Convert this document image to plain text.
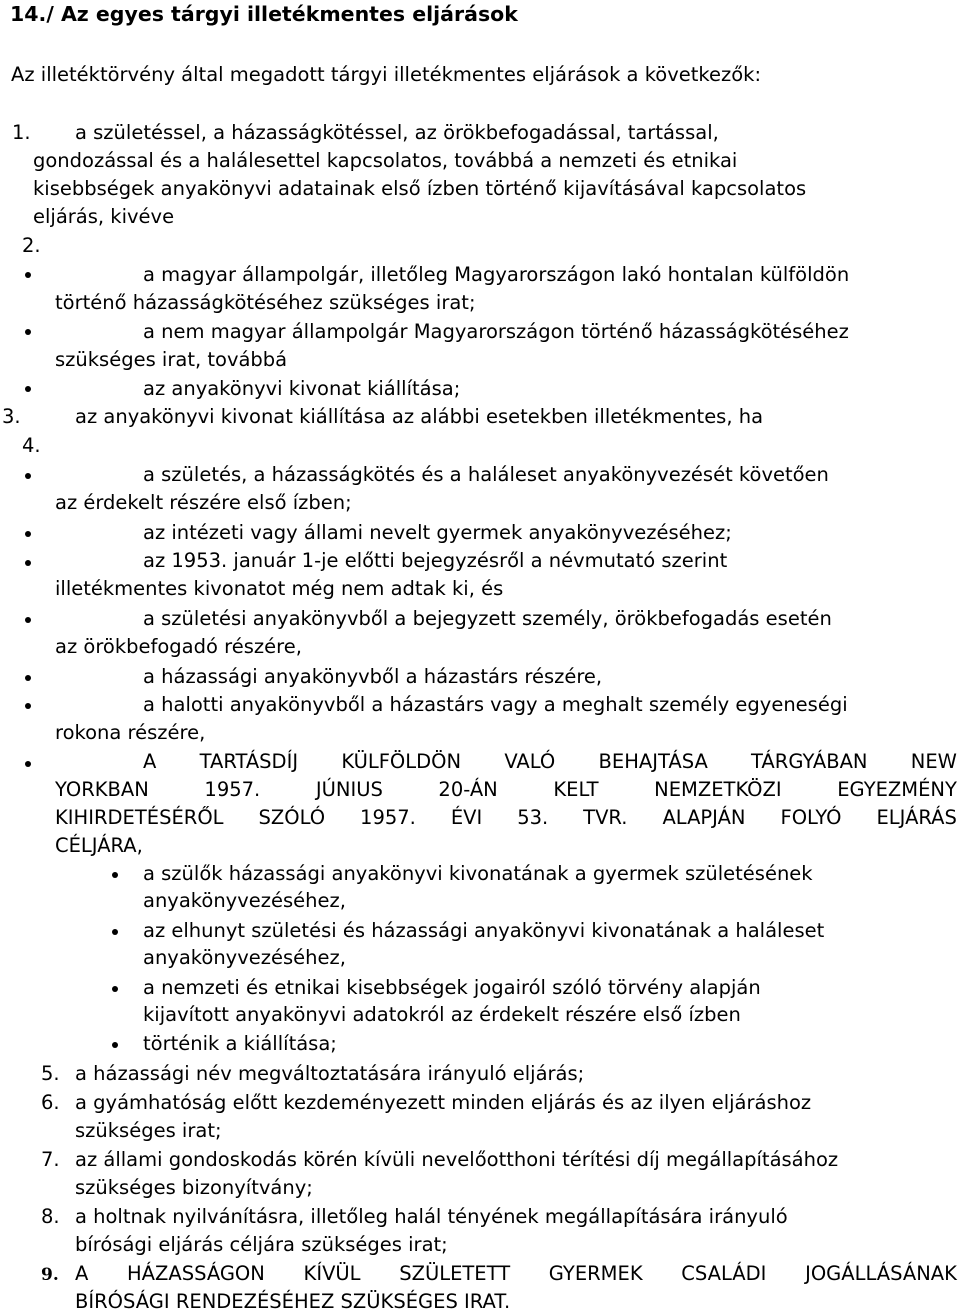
14./ Az egyes tárgyi illetékmentes eljárások
Az illetéktörvény által megadott tárgyi illetékmentes eljárások a következők:
1. a születéssel, a házasságkötéssel, az örökbefogadással, tartással,
gondozással és a halálesettel kapcsolatos, továbbá a nemzeti és etnikai
kisebbségek anyakönyvi adatainak első ízben történő kijavításával kapcsolatos
eljárás, kivéve
2.
a magyar állampolgár, illetőleg Magyarországon lakó hontalan külföldön
történő házasságkötéséhez szükséges irat;
a nem magyar állampolgár Magyarországon történő házasságkötéséhez
szükséges irat, továbbá
az anyakönyvi kivonat kiállítása;
3.	az anyakönyvi kivonat kiállítása az alábbi esetekben illetékmentes, ha
4.
a születés, a házasságkötés és a haláleset anyakönyvezését követően
az érdekelt részére első ízben;
az intézeti vagy állami nevelt gyermek anyakönyvezéséhez;
az 1953. január 1-je előtti bejegyzésről a névmutató szerint
illetékmentes kivonatot még nem adtak ki, és
a születési anyakönyvből a bejegyzett személy, örökbefogadás esetén
az örökbefogadó részére,
a házassági anyakönyvből a házastárs részére,
a halotti anyakönyvből a házastárs vagy a meghalt személy egyeneségi
rokona részére,
A TARTÁSDÍJ KÜLFÖLDÖN VALÓ BEHAJTÁSA TÁRGYÁBAN NEW
YORKBAN	1957.	JÚNIUS	20-ÁN	KELT	NEMZETKÖZI	EGYEZMÉNY
KIHIRDETÉSÉRŐL SZÓLÓ 1957. ÉVI 53. TVR. ALAPJÁN FOLYÓ ELJÁRÁS
CÉLJÁRA,
a szülők házassági anyakönyvi kivonatának a gyermek születésének
anyakönyvezéséhez,
az elhunyt születési és házassági anyakönyvi kivonatának a haláleset
anyakönyvezéséhez,
a nemzeti és etnikai kisebbségek jogairól szóló törvény alapján
kijavított anyakönyvi adatokról az érdekelt részére első ízben
történik a kiállítása;
5. a házassági név megváltoztatására irányuló eljárás;
6. a gyámhatóság előtt kezdeményezett minden eljárás és az ilyen eljáráshoz
szükséges irat;
7. az állami gondoskodás körén kívüli nevelőotthoni térítési díj megállapításához
szükséges bizonyítvány;
8. a holtnak nyilvánításra, illetőleg halál tényének megállapítására irányuló
bírósági eljárás céljára szükséges irat;
9. A HÁZASSÁGON KÍVÜL SZÜLETETT GYERMEK CSALÁDI JOGÁLLÁSÁNAK
BÍRÓSÁGI RENDEZÉSÉHEZ SZÜKSÉGES IRAT.
